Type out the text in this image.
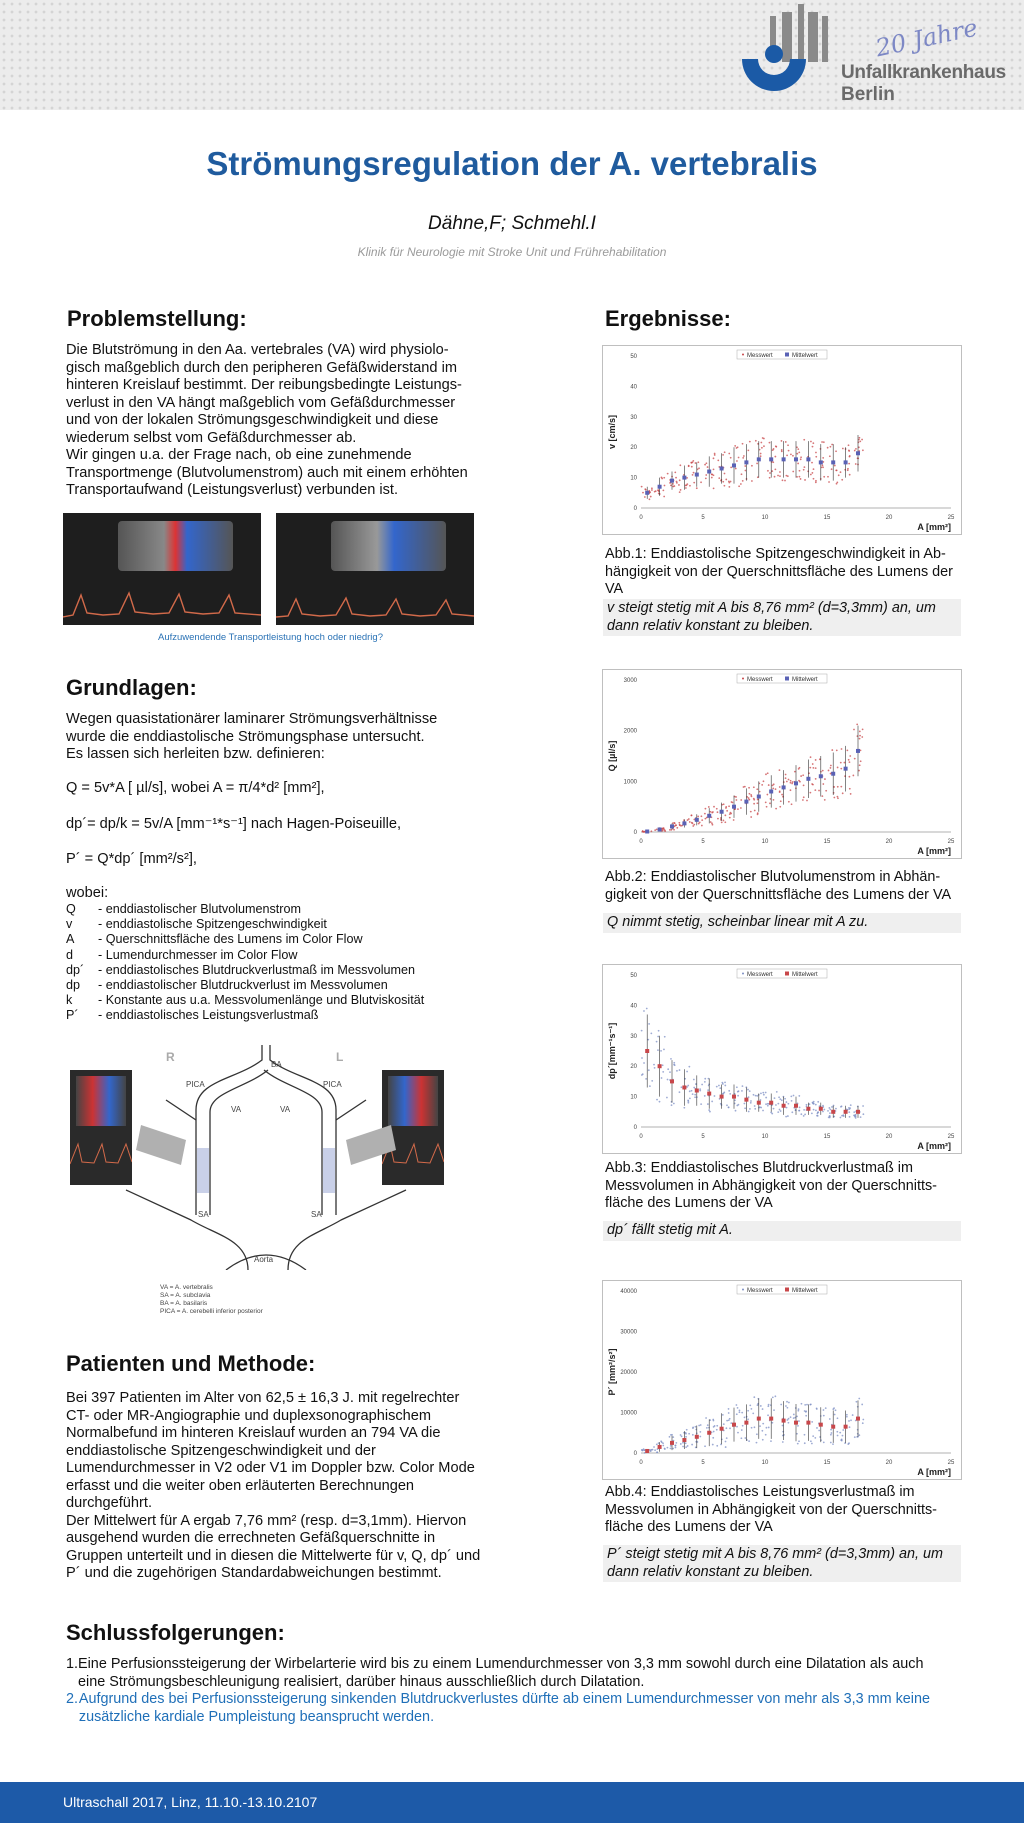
20 Jahre
Unfallkrankenhaus
Berlin
Strömungsregulation der A. vertebralis
Dähne,F; Schmehl.I
Klinik für Neurologie mit Stroke Unit und Frührehabilitation
Problemstellung:

Die Blutströmung in den Aa. vertebrales (VA) wird physiolo-gisch maßgeblich durch den peripheren Gefäßwiderstand im hinteren Kreislauf bestimmt. Der reibungsbedingte Leistungs-verlust in den VA hängt maßgeblich vom Gefäßdurchmesser und von der lokalen Strömungsgeschwindigkeit und diese wiederum selbst vom Gefäßdurchmesser ab.

Wir gingen u.a. der Frage nach, ob eine zunehmende Transportmenge (Blutvolumenstrom) auch mit einem erhöhten Transportaufwand (Leistungsverlust) verbunden ist.

Aufzuwendende Transportleistung hoch oder niedrig?
Grundlagen:

Wegen quasistationärer laminarer Strömungsverhältnisse

wurde die enddiastolische Strömungsphase untersucht.

Es lassen sich herleiten bzw. definieren:

Q = 5v*A [ µl/s], wobei A = π/4*d² [mm²],
dp´= dp/k = 5v/A [mm⁻¹*s⁻¹] nach Hagen-Poiseuille,
P´ = Q*dp´ [mm²/s²],
wobei:
Q	- enddiastolischer Blutvolumenstrom
v	- enddiastolische Spitzengeschwindigkeit
A	- Querschnittsfläche des Lumens im Color Flow
d	- Lumendurchmesser im Color Flow
dp´	- enddiastolisches Blutdruckverlustmaß im Messvolumen
dp	- enddiastolischer Blutdruckverlust im Messvolumen
k	- Konstante aus u.a. Messvolumenlänge und Blutviskosität
P´	- enddiastolisches Leistungsverlustmaß
R	L
BA
PICA	PICA
VA	VA
SA	SA
Aorta
VA = A. vertebralis
SA = A. subclavia
BA = A. basilaris
PICA = A. cerebelli inferior posterior
Patienten und Methode:

Bei 397 Patienten im Alter von 62,5 ± 16,3 J. mit regelrechter CT- oder MR-Angiographie und duplexsonographischem Normalbefund im hinteren Kreislauf wurden an 794 VA die enddiastolische Spitzengeschwindigkeit und der Lumendurchmesser in V2 oder V1 im Doppler bzw. Color Mode erfasst und die weiter oben erläuterten Berechnungen durchgeführt.

Der Mittelwert für A ergab 7,76 mm² (resp. d=3,1mm). Hiervon ausgehend wurden die errechneten Gefäßquerschnitte in Gruppen unterteilt und in diesen die Mittelwerte für v, Q, dp´ und P´ und die zugehörigen Standardabweichungen bestimmt.

Ergebnisse:
0	5	10	15	20	25
0
10
20
30
40
50
v [cm/s]
A [mm²]
Messwert	Mittelwert
Abb.1: Enddiastolische Spitzengeschwindigkeit in Ab-hängigkeit von der Querschnittsfläche des Lumens der VA
v steigt stetig mit A bis 8,76 mm² (d=3,3mm) an, um dann relativ konstant zu bleiben.
0	5	10	15	20	25
0
1000
2000
3000
Q [µl/s]
A [mm²]
Messwert	Mittelwert
Abb.2: Enddiastolischer Blutvolumenstrom in Abhän-gigkeit von der Querschnittsfläche des Lumens der VA
Q nimmt stetig, scheinbar linear mit A zu.
0	5	10	15	20	25
0
10
20
30
40
50
dp´[mm⁻¹s⁻¹]
A [mm²]
Messwert	Mittelwert
Abb.3: Enddiastolisches Blutdruckverlustmaß im Messvolumen in Abhängigkeit von der Querschnitts-fläche des Lumens der VA
dp´ fällt stetig mit A.
0	5	10	15	20	25
0
10000
20000
30000
40000
P´ [mm²/s²]
A [mm²]
Messwert	Mittelwert
Abb.4: Enddiastolisches Leistungsverlustmaß im Messvolumen in Abhängigkeit von der Querschnitts-fläche des Lumens der VA
P´ steigt stetig mit A bis 8,76 mm² (d=3,3mm) an, um dann relativ konstant zu bleiben.
Schlussfolgerungen:
1. Eine Perfusionssteigerung der Wirbelarterie wird bis zu einem Lumendurchmesser von 3,3 mm sowohl durch eine Dilatation als auch eine Strömungsbeschleunigung realisiert, darüber hinaus ausschließlich durch Dilatation.
2. Aufgrund des bei Perfusionssteigerung sinkenden Blutdruckverlustes dürfte ab einem Lumendurchmesser von mehr als 3,3 mm keine zusätzliche kardiale Pumpleistung beansprucht werden.
Ultraschall 2017, Linz, 11.10.-13.10.2107
